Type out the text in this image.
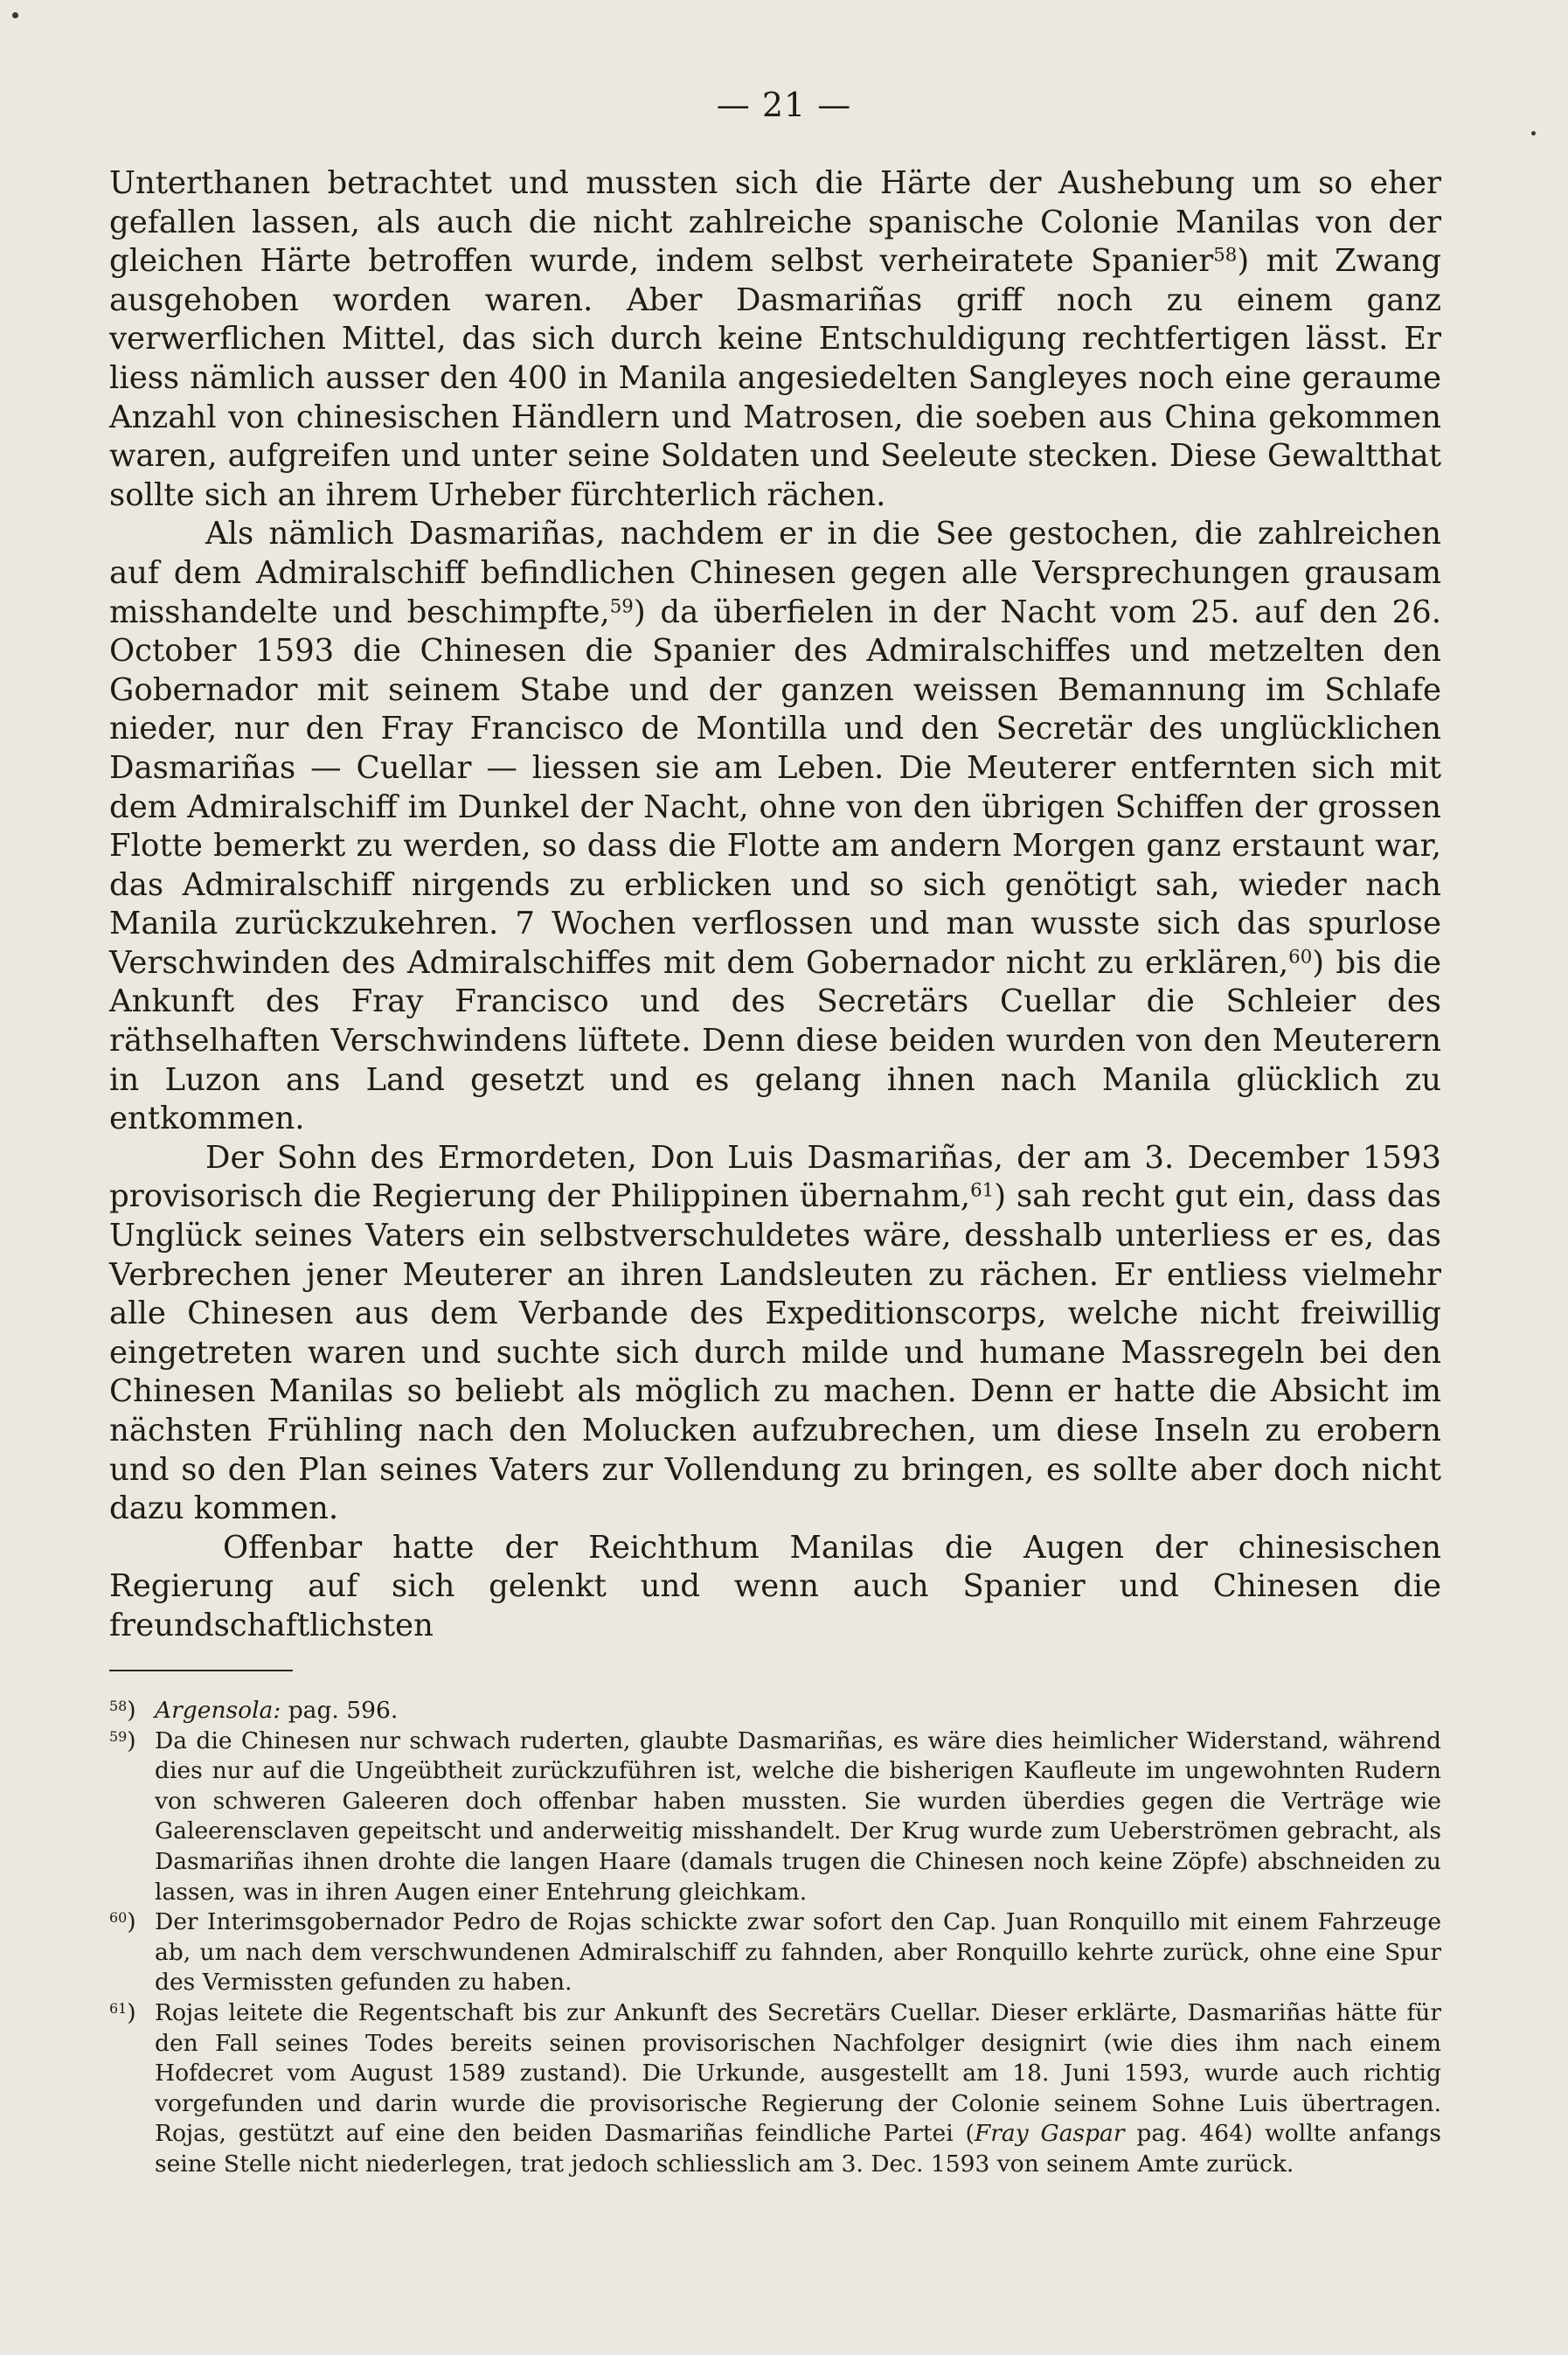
— 21 —

Unterthanen betrachtet und mussten sich die Härte der Aushebung um so eher gefallen lassen, als auch die nicht zahlreiche spanische Colonie Manilas von der gleichen Härte betroffen wurde, indem selbst verheiratete Spanier$^{58}$) mit Zwang ausgehoben worden waren. Aber Dasmariñas griff noch zu einem ganz verwerflichen Mittel, das sich durch keine Entschuldigung rechtfertigen lässt. Er liess nämlich ausser den 400 in Manila angesiedelten Sangleyes noch eine geraume Anzahl von chinesischen Händlern und Matrosen, die soeben aus China gekommen waren, aufgreifen und unter seine Soldaten und Seeleute stecken. Diese Gewaltthat sollte sich an ihrem Urheber fürchterlich rächen.

Als nämlich Dasmariñas, nachdem er in die See gestochen, die zahlreichen auf dem Admiralschiff befindlichen Chinesen gegen alle Versprechungen grausam misshandelte und beschimpfte,$^{59}$) da überfielen in der Nacht vom 25. auf den 26. October 1593 die Chinesen die Spanier des Admiralschiffes und metzelten den Gobernador mit seinem Stabe und der ganzen weissen Bemannung im Schlafe nieder, nur den Fray Francisco de Montilla und den Secretär des unglücklichen Dasmariñas — Cuellar — liessen sie am Leben. Die Meuterer entfernten sich mit dem Admiralschiff im Dunkel der Nacht, ohne von den übrigen Schiffen der grossen Flotte bemerkt zu werden, so dass die Flotte am andern Morgen ganz erstaunt war, das Admiralschiff nirgends zu erblicken und so sich genötigt sah, wieder nach Manila zurückzukehren. 7 Wochen verflossen und man wusste sich das spurlose Verschwinden des Admiralschiffes mit dem Gobernador nicht zu erklären,$^{60}$) bis die Ankunft des Fray Francisco und des Secretärs Cuellar die Schleier des räthselhaften Verschwindens lüftete. Denn diese beiden wurden von den Meuterern in Luzon ans Land gesetzt und es gelang ihnen nach Manila glücklich zu entkommen.

Der Sohn des Ermordeten, Don Luis Dasmariñas, der am 3. December 1593 provisorisch die Regierung der Philippinen übernahm,$^{61}$) sah recht gut ein, dass das Unglück seines Vaters ein selbstverschuldetes wäre, desshalb unterliess er es, das Verbrechen jener Meuterer an ihren Landsleuten zu rächen. Er entliess vielmehr alle Chinesen aus dem Verbande des Expeditionscorps, welche nicht freiwillig eingetreten waren und suchte sich durch milde und humane Massregeln bei den Chinesen Manilas so beliebt als möglich zu machen. Denn er hatte die Absicht im nächsten Frühling nach den Molucken aufzubrechen, um diese Inseln zu erobern und so den Plan seines Vaters zur Vollendung zu bringen, es sollte aber doch nicht dazu kommen.

Offenbar hatte der Reichthum Manilas die Augen der chinesischen Regierung auf sich gelenkt und wenn auch Spanier und Chinesen die freundschaftlichsten

$^{58}$) Argensola: pag. 596.
$^{59}$) Da die Chinesen nur schwach ruderten, glaubte Dasmariñas, es wäre dies heimlicher Widerstand, während dies nur auf die Ungeübtheit zurückzuführen ist, welche die bisherigen Kaufleute im ungewohnten Rudern von schweren Galeeren doch offenbar haben mussten. Sie wurden überdies gegen die Verträge wie Galeerensclaven gepeitscht und anderweitig misshandelt. Der Krug wurde zum Ueberströmen gebracht, als Dasmariñas ihnen drohte die langen Haare (damals trugen die Chinesen noch keine Zöpfe) abschneiden zu lassen, was in ihren Augen einer Entehrung gleichkam.
$^{60}$) Der Interimsgobernador Pedro de Rojas schickte zwar sofort den Cap. Juan Ronquillo mit einem Fahrzeuge ab, um nach dem verschwundenen Admiralschiff zu fahnden, aber Ronquillo kehrte zurück, ohne eine Spur des Vermissten gefunden zu haben.
$^{61}$) Rojas leitete die Regentschaft bis zur Ankunft des Secretärs Cuellar. Dieser erklärte, Dasmariñas hätte für den Fall seines Todes bereits seinen provisorischen Nachfolger designirt (wie dies ihm nach einem Hofdecret vom August 1589 zustand). Die Urkunde, ausgestellt am 18. Juni 1593, wurde auch richtig vorgefunden und darin wurde die provisorische Regierung der Colonie seinem Sohne Luis übertragen. Rojas, gestützt auf eine den beiden Dasmariñas feindliche Partei (Fray Gaspar pag. 464) wollte anfangs seine Stelle nicht niederlegen, trat jedoch schliesslich am 3. Dec. 1593 von seinem Amte zurück.
